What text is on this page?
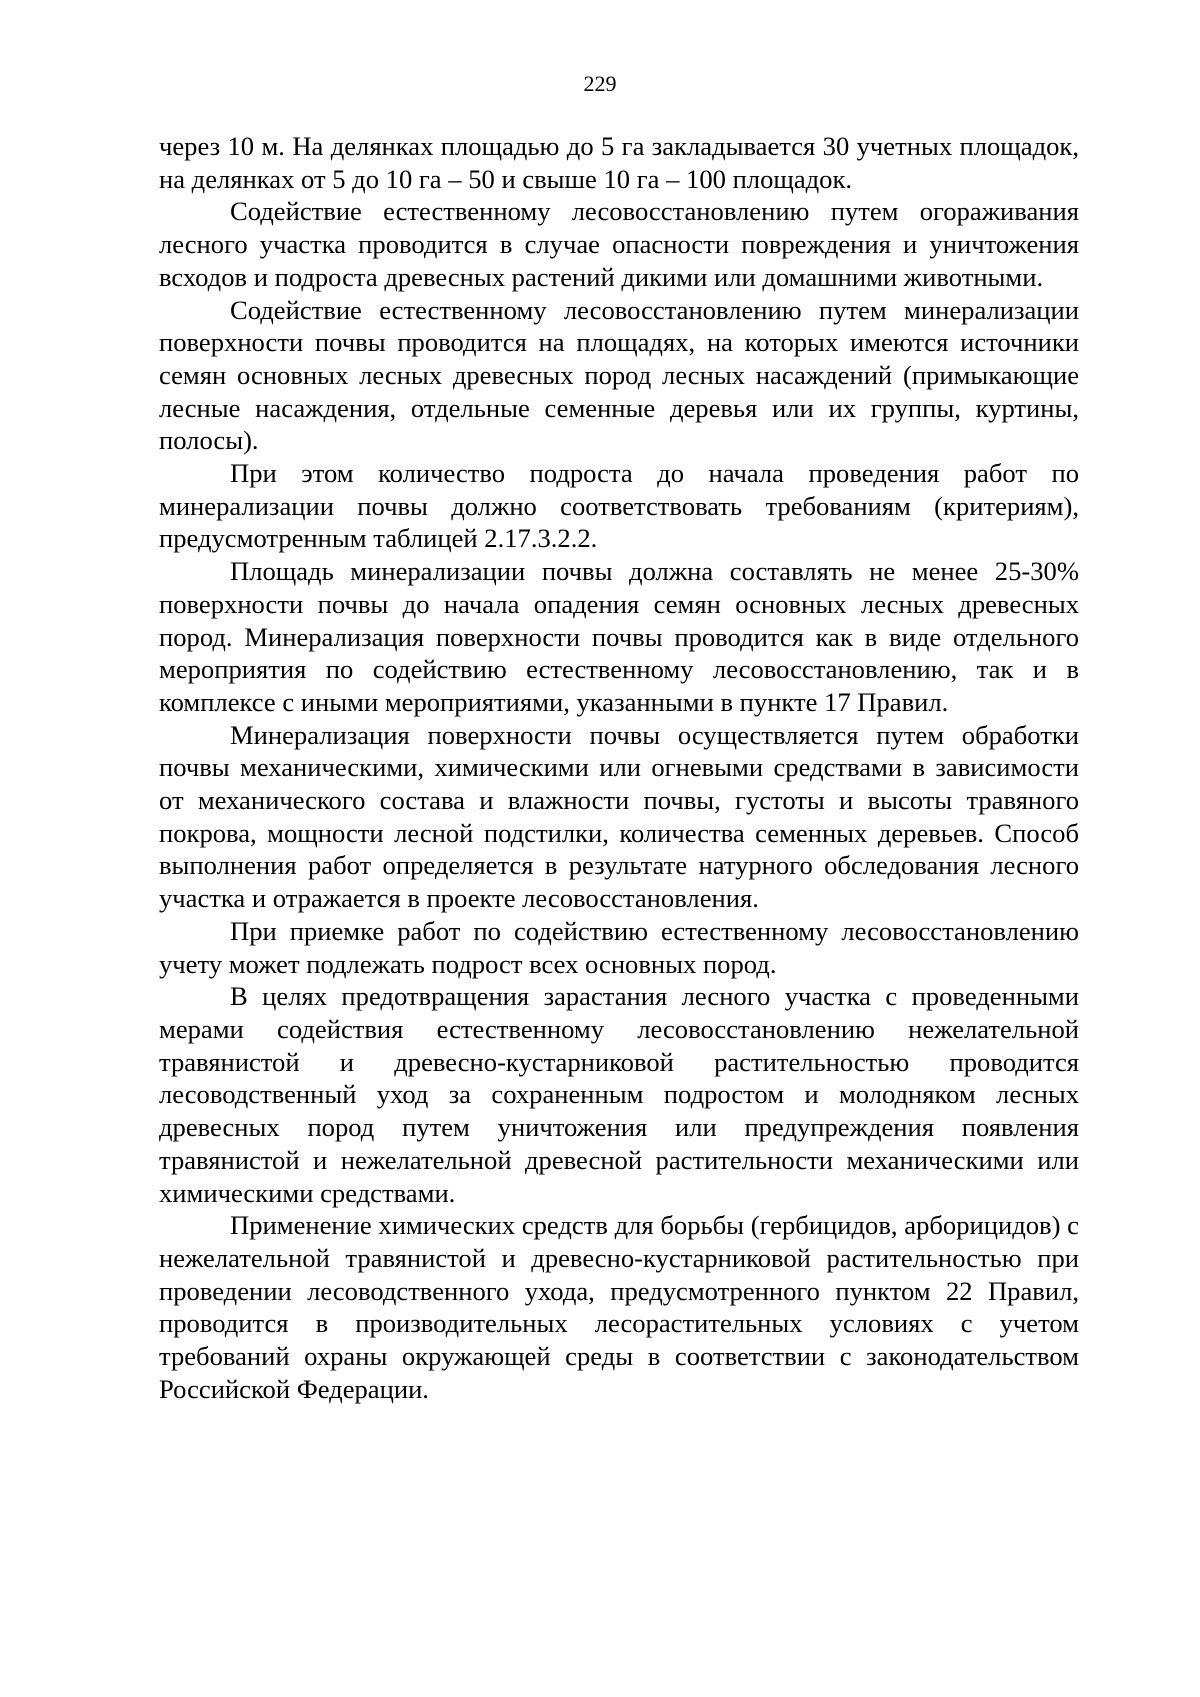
229

через 10 м. На делянках площадью до 5 га закладывается 30 учетных площадок, на делянках от 5 до 10 га – 50 и свыше 10 га – 100 площадок.

Содействие естественному лесовосстановлению путем огораживания лесного участка проводится в случае опасности повреждения и уничтожения всходов и подроста древесных растений дикими или домашними животными.

Содействие естественному лесовосстановлению путем минерализации поверхности почвы проводится на площадях, на которых имеются источники семян основных лесных древесных пород лесных насаждений (примыкающие лесные насаждения, отдельные семенные деревья или их группы, куртины, полосы).

При этом количество подроста до начала проведения работ по минерализации почвы должно соответствовать требованиям (критериям), предусмотренным таблицей 2.17.3.2.2.

Площадь минерализации почвы должна составлять не менее 25-30% поверхности почвы до начала опадения семян основных лесных древесных пород. Минерализация поверхности почвы проводится как в виде отдельного мероприятия по содействию естественному лесовосстановлению, так и в комплексе с иными мероприятиями, указанными в пункте 17 Правил.

Минерализация поверхности почвы осуществляется путем обработки почвы механическими, химическими или огневыми средствами в зависимости от механического состава и влажности почвы, густоты и высоты травяного покрова, мощности лесной подстилки, количества семенных деревьев. Способ выполнения работ определяется в результате натурного обследования лесного участка и отражается в проекте лесовосстановления.

При приемке работ по содействию естественному лесовосстановлению учету может подлежать подрост всех основных пород.

В целях предотвращения зарастания лесного участка с проведенными мерами содействия естественному лесовосстановлению нежелательной травянистой и древесно-кустарниковой растительностью проводится лесоводственный уход за сохраненным подростом и молодняком лесных древесных пород путем уничтожения или предупреждения появления травянистой и нежелательной древесной растительности механическими или химическими средствами.

Применение химических средств для борьбы (гербицидов, арборицидов) с нежелательной травянистой и древесно-кустарниковой растительностью при проведении лесоводственного ухода, предусмотренного пунктом 22 Правил, проводится в производительных лесорастительных условиях с учетом требований охраны окружающей среды в соответствии с законодательством Российской Федерации.
